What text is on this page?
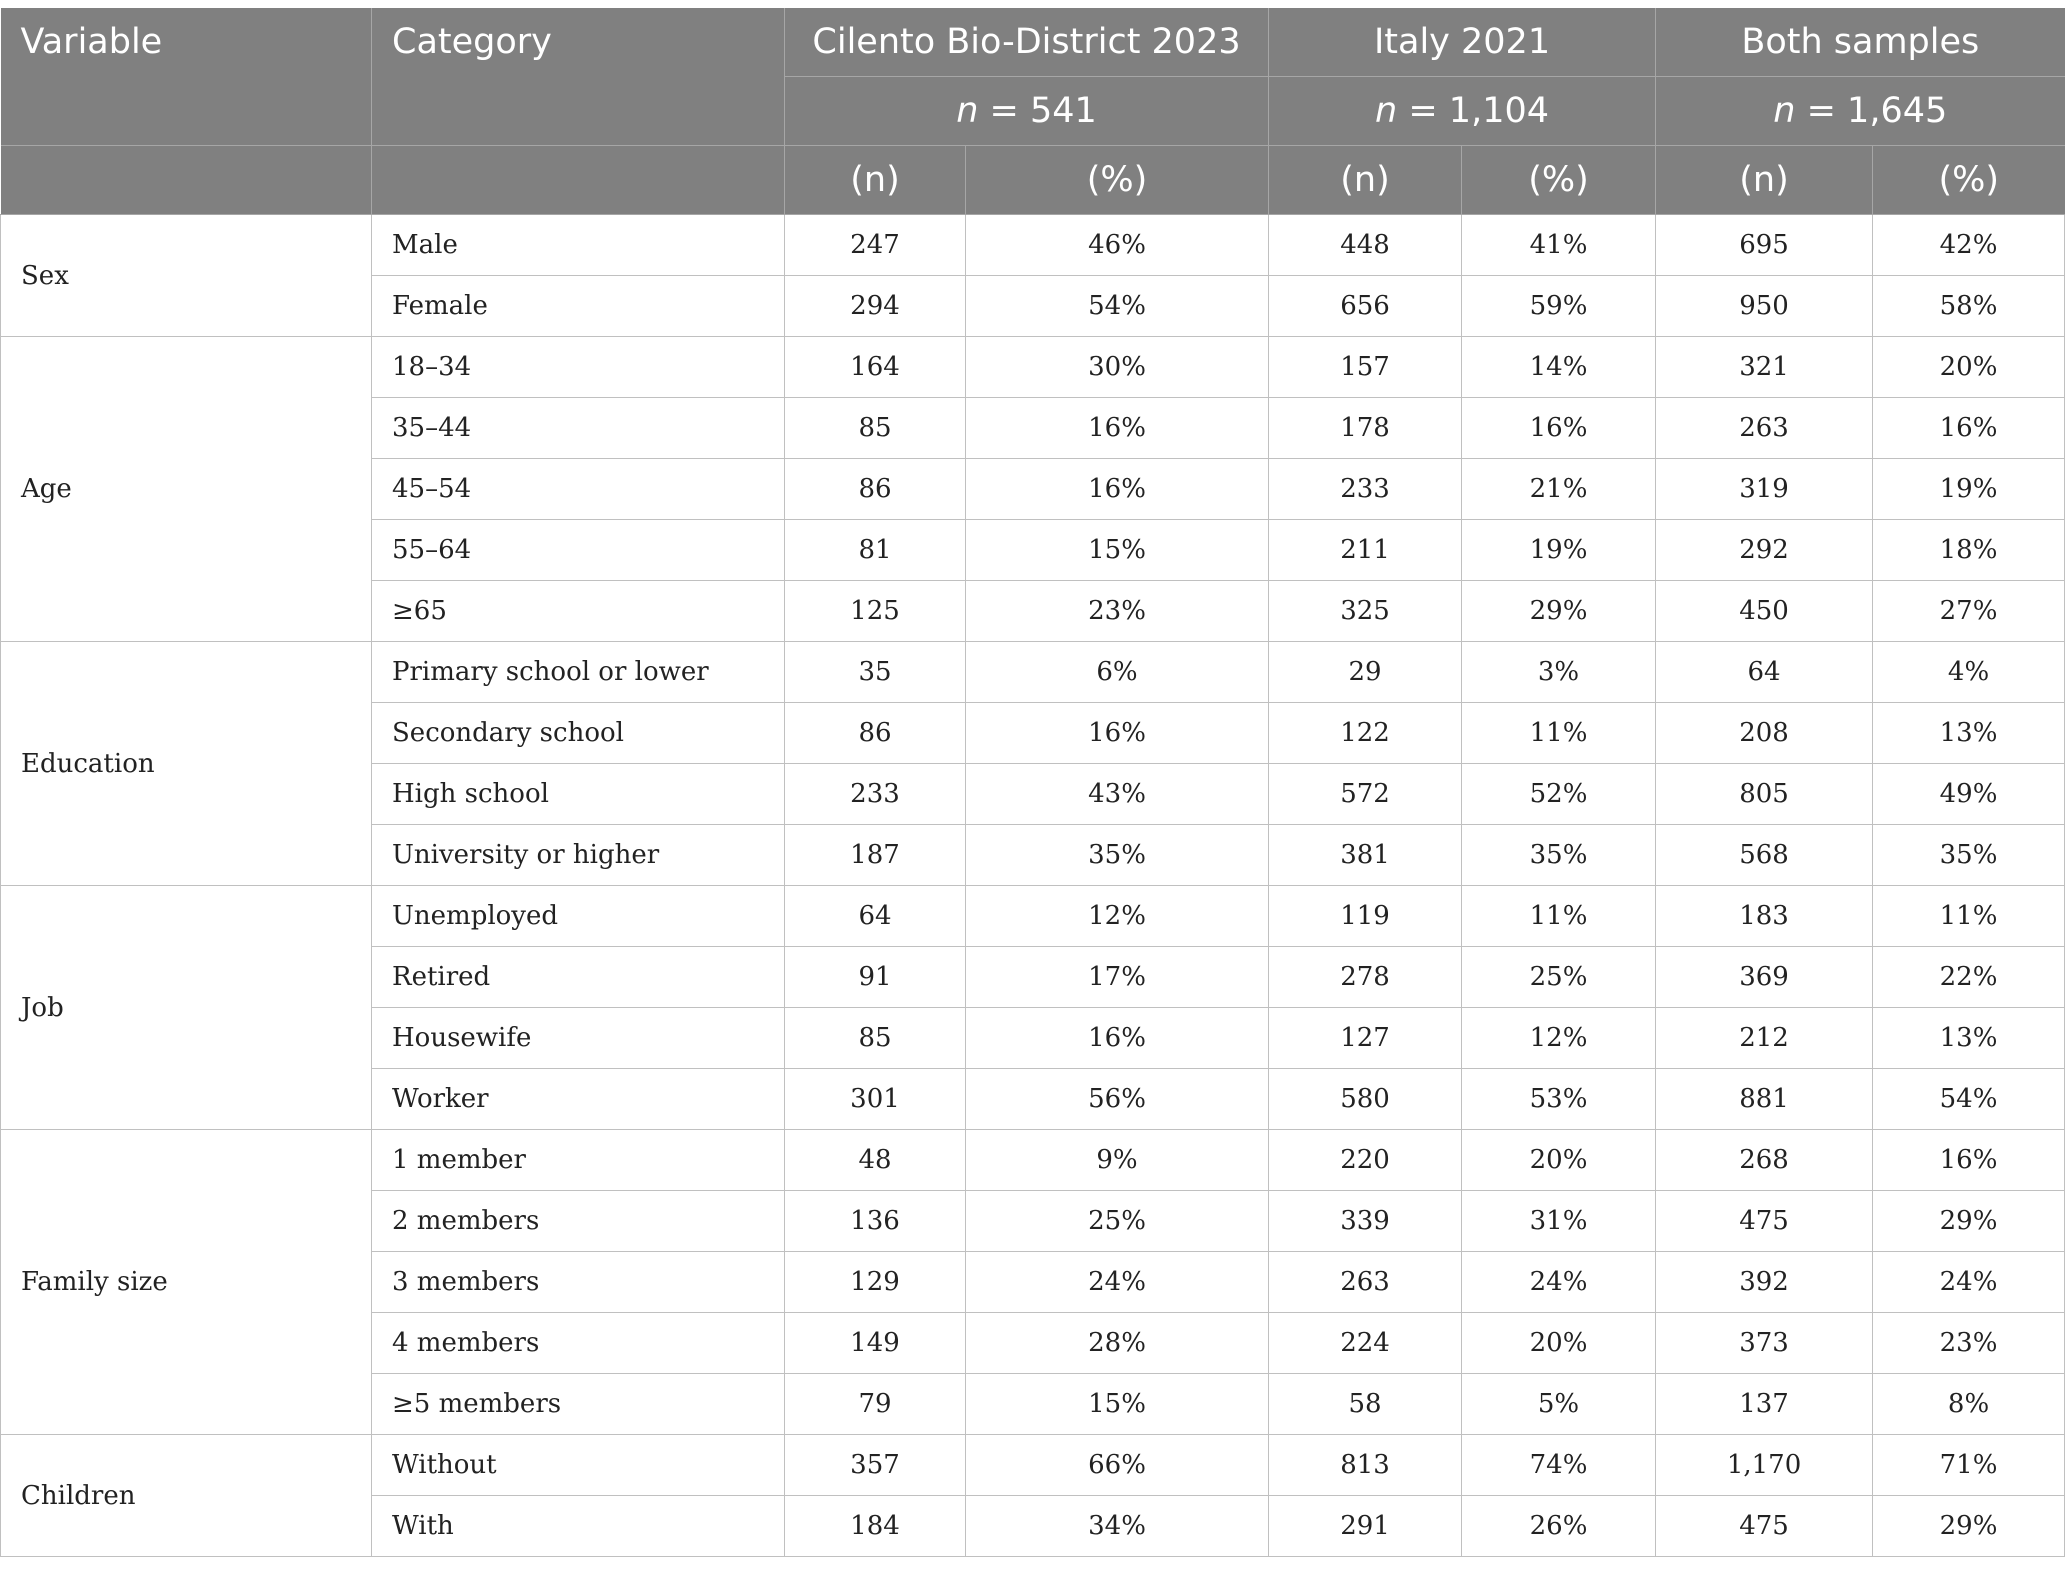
Variable	Category	Cilento Bio-District 2023		Italy 2021		Both samples	
		n = 541		n = 1,104		n = 1,645	
		(n)	(%)	(n)	(%)	(n)	(%)
Sex	Male	247	46%	448	41%	695	42%
	Female	294	54%	656	59%	950	58%
Age	18–34	164	30%	157	14%	321	20%
	35–44	85	16%	178	16%	263	16%
	45–54	86	16%	233	21%	319	19%
	55–64	81	15%	211	19%	292	18%
	≥65	125	23%	325	29%	450	27%
Education	Primary school or lower	35	6%	29	3%	64	4%
	Secondary school	86	16%	122	11%	208	13%
	High school	233	43%	572	52%	805	49%
	University or higher	187	35%	381	35%	568	35%
Job	Unemployed	64	12%	119	11%	183	11%
	Retired	91	17%	278	25%	369	22%
	Housewife	85	16%	127	12%	212	13%
	Worker	301	56%	580	53%	881	54%
Family size	1 member	48	9%	220	20%	268	16%
	2 members	136	25%	339	31%	475	29%
	3 members	129	24%	263	24%	392	24%
	4 members	149	28%	224	20%	373	23%
	≥5 members	79	15%	58	5%	137	8%
Children	Without	357	66%	813	74%	1,170	71%
	With	184	34%	291	26%	475	29%
